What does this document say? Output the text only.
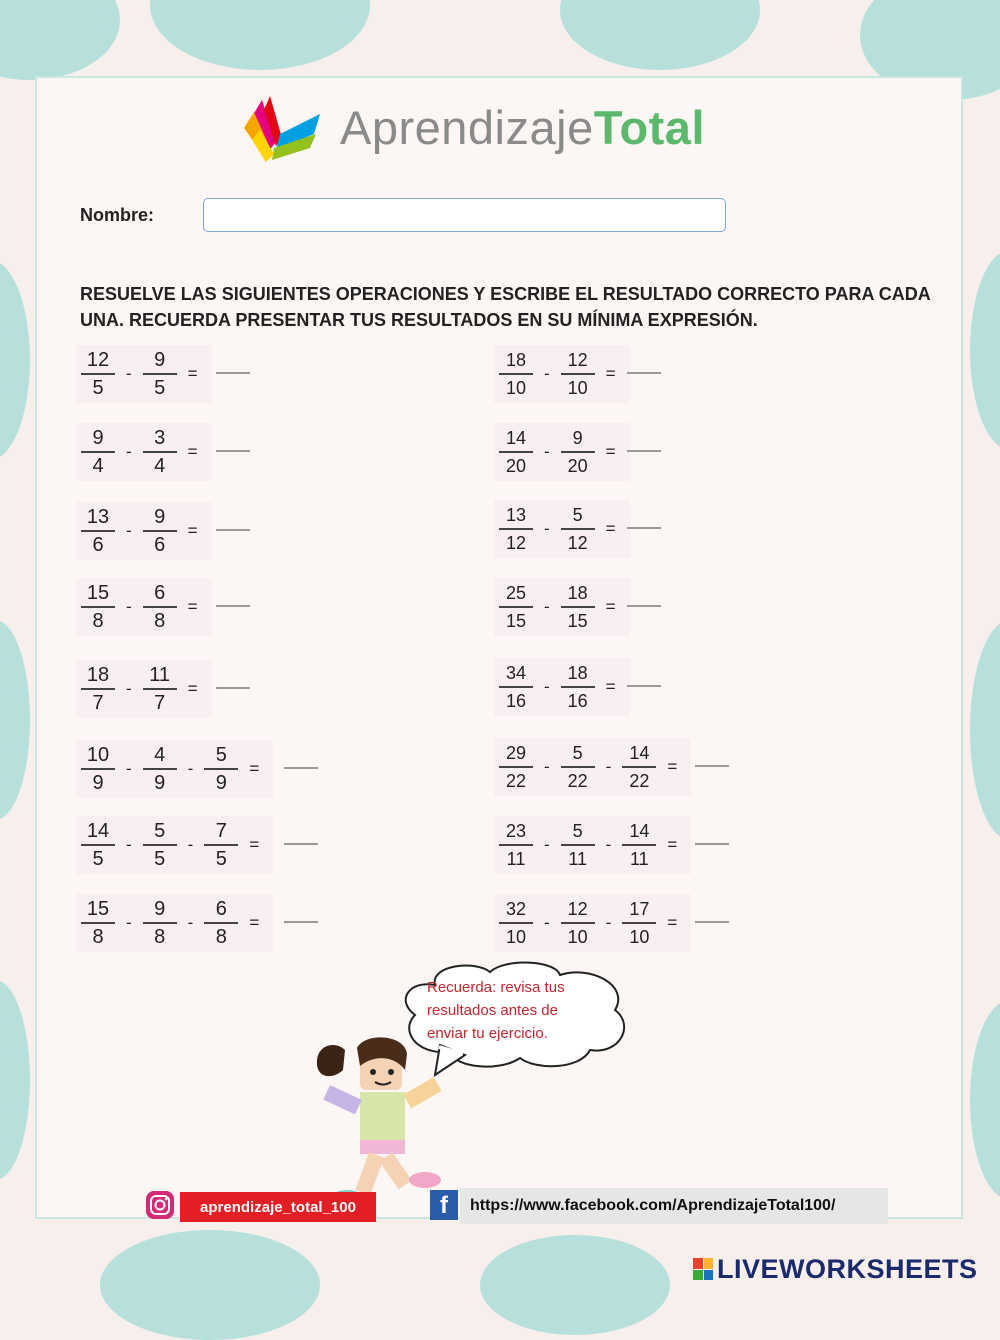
AprendizajeTotal
Nombre:
RESUELVE LAS SIGUIENTES OPERACIONES Y ESCRIBE EL RESULTADO CORRECTO PARA CADA UNA. RECUERDA PRESENTAR TUS RESULTADOS EN SU MÍNIMA EXPRESIÓN.
$\frac{12}{5} - \frac{9}{5}$ =
$\frac{9}{4} - \frac{3}{4}$ =
$\frac{13}{6} - \frac{9}{6}$ =
$\frac{15}{8} - \frac{6}{8}$ =
$\frac{18}{7} - \frac{11}{7}$ =
$\frac{10}{9} - \frac{4}{9} - \frac{5}{9}$ =
$\frac{14}{5} - \frac{5}{5} - \frac{7}{5}$ =
$\frac{15}{8} - \frac{9}{8} - \frac{6}{8}$ =
$\frac{18}{10} - \frac{12}{10}$ =
$\frac{14}{20} - \frac{9}{20}$ =
$\frac{13}{12} - \frac{5}{12}$ =
$\frac{25}{15} - \frac{18}{15}$ =
$\frac{34}{16} - \frac{18}{16}$ =
$\frac{29}{22} - \frac{5}{22} - \frac{14}{22}$ =
$\frac{23}{11} - \frac{5}{11} - \frac{14}{11}$ =
$\frac{32}{10} - \frac{12}{10} - \frac{17}{10}$ =
Recuerda: revisa tus resultados antes de enviar tu ejercicio.
aprendizaje_total_100	f	https://www.facebook.com/AprendizajeTotal100/
LIVEWORKSHEETS
